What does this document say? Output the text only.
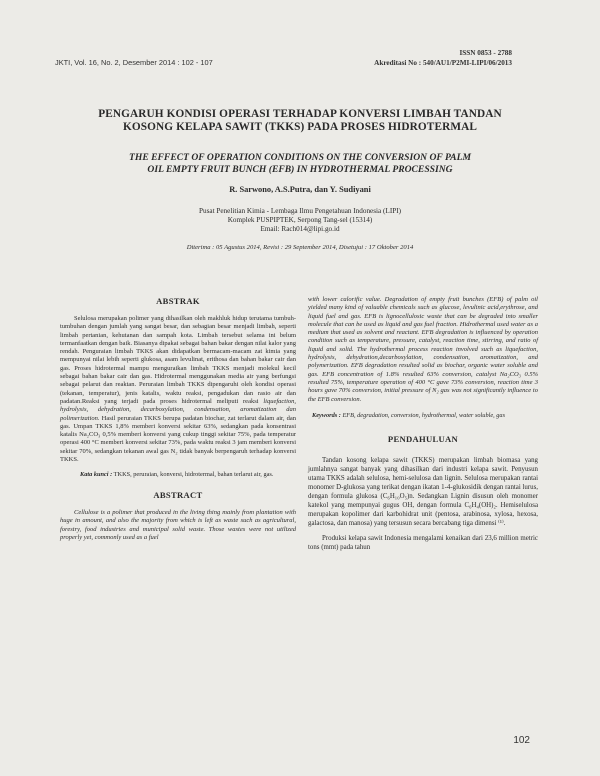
JKTI, Vol. 16, No. 2, Desember 2014 : 102 - 107
ISSN 0853 - 2788
Akreditasi No : 540/AU1/P2MI-LIPI/06/2013
PENGARUH KONDISI OPERASI TERHADAP KONVERSI LIMBAH TANDAN
KOSONG KELAPA SAWIT (TKKS) PADA PROSES HIDROTERMAL
THE EFFECT OF OPERATION CONDITIONS ON THE CONVERSION OF PALM
OIL EMPTY FRUIT BUNCH (EFB) IN HYDROTHERMAL PROCESSING
R. Sarwono, A.S.Putra, dan Y. Sudiyani
Pusat Penelitian Kimia - Lembaga Ilmu Pengetahuan Indonesia (LIPI)
Komplek PUSPIPTEK, Serpong Tang-sel (15314)
Email: Rach014@lipi.go.id
Diterima : 05 Agustus 2014, Revisi : 29 September 2014, Disetujui : 17 Oktober 2014
ABSTRAK
Selulosa merupakan polimer yang dihasilkan oleh makhluk hidup terutama tumbuh-tumbuhan dengan jumlah yang sangat besar, dan sebagian besar menjadi limbah, seperti limbah pertanian, kehutanan dan sampah kota. Limbah tersebut selama ini belum termanfaatkan dengan baik. Biasanya dipakai sebagai bahan bakar dengan nilai kalor yang rendah. Penguraian limbah TKKS akan didapatkan bermacam-macam zat kimia yang mempunyai nilai lebih seperti glukosa, asam levulinat, erithosa dan bahan bakar cair dan gas. Proses hidrotermal mampu menguraikan limbah TKKS menjadi molekul kecil sebagai bahan bakar cair dan gas. Hidrotermal menggunakan media air yang berfungsi sebagai pelarut dan reaktan. Peruraian limbah TKKS dipengaruhi oleh kondisi operasi (tekanan, temperatur), jenis katalis, waktu reaksi, pengadukan dan rasio air dan padatan.Reaksi yang terjadi pada proses hidrotermal meliputi reaksi liquefaction, hydrolysis, dehydration, decarboxylation, condensation, aromatization dan polimerization. Hasil peruraian TKKS berupa padatan biochar, zat terlarut dalam air, dan gas. Umpan TKKS 1,8% memberi konversi sekitar 63%, sedangkan pada konsentrasi katalis Na₂CO₃ 0,5% memberi konversi yang cukup tinggi sekitar 75%, pada temperatur operasi 400 °C memberi konversi sekitar 73%, pada waktu reaksi 3 jam memberi konversi sekitar 70%, sedangkan tekanan awal gas N₂ tidak banyak berpengaruh terhadap konversi TKKS.
Kata kunci : TKKS, peruraian, konversi, hidrotermal, bahan terlarut air, gas.
ABSTRACT
Cellulose is a polimer that produced in the living thing mainly from plantation with huge in amount, and also the majority from which is left as waste such as agricultural, forestry, food industries and municipal solid waste. Those wastes were not utilized properly yet, commonly used as a fuel
with lower calorific value. Degradation of empty fruit bunches (EFB) of palm oil yielded many kind of valuable chemicals such as glucose, levulinic acid,erythrose, and liquid fuel and gas. EFB is lignocellulosic waste that can be degraded into smaller molecule that can be used as liquid and gas fuel fraction. Hidrothermal used water as a medium that used as solvent and reactant. EFB degradation is influenced by operation condition such as temperature, pressure, catalyst, reaction time, stirring, and ratio of liquid and solid. The hydrothermal process reaction involved such as liquefaction, hydrolysis, dehydration,decarboxylation, condensation, aromatization, and polymerization. EFB degradation resulted solid as biochar, organic water soluble and gas. EFB concentration of 1.8% resulted 63% conversion, catalyst Na₂CO₃ 0.5% resulted 75%, temperature operation of 400 °C gave 73% conversion, reaction time 3 hours gave 70% conversion, initial pressure of N₂ gas was not significantly influence to the EFB conversion.
Keywords : EFB, degradation, conversion, hydrothermal, water soluble, gas
PENDAHULUAN
Tandan kosong kelapa sawit (TKKS) merupakan limbah biomasa yang jumlahnya sangat banyak yang dihasilkan dari industri kelapa sawit. Penyusun utama TKKS adalah selulosa, hemi-selulosa dan lignin. Selulosa merupakan rantai monomer D-glukosa yang terikat dengan ikatan 1-4-glukosidik dengan rantai lurus, dengan formula glukosa (C₆H₁₀O₅)n. Sedangkan Lignin disusun oleh monomer katekol yang mempunyai gugus OH, dengan formula C₆H₄(OH)₂. Hemiselulosa merupakan kopolimer dari karbohidrat unit (pentosa, arabinosa, xylosa, hexosa, galactosa, dan manosa) yang tersusun secara bercabang tiga dimensi ⁽¹⁾.
Produksi kelapa sawit Indonesia mengalami kenaikan dari 23,6 million metric tons (mmt) pada tahun
102
